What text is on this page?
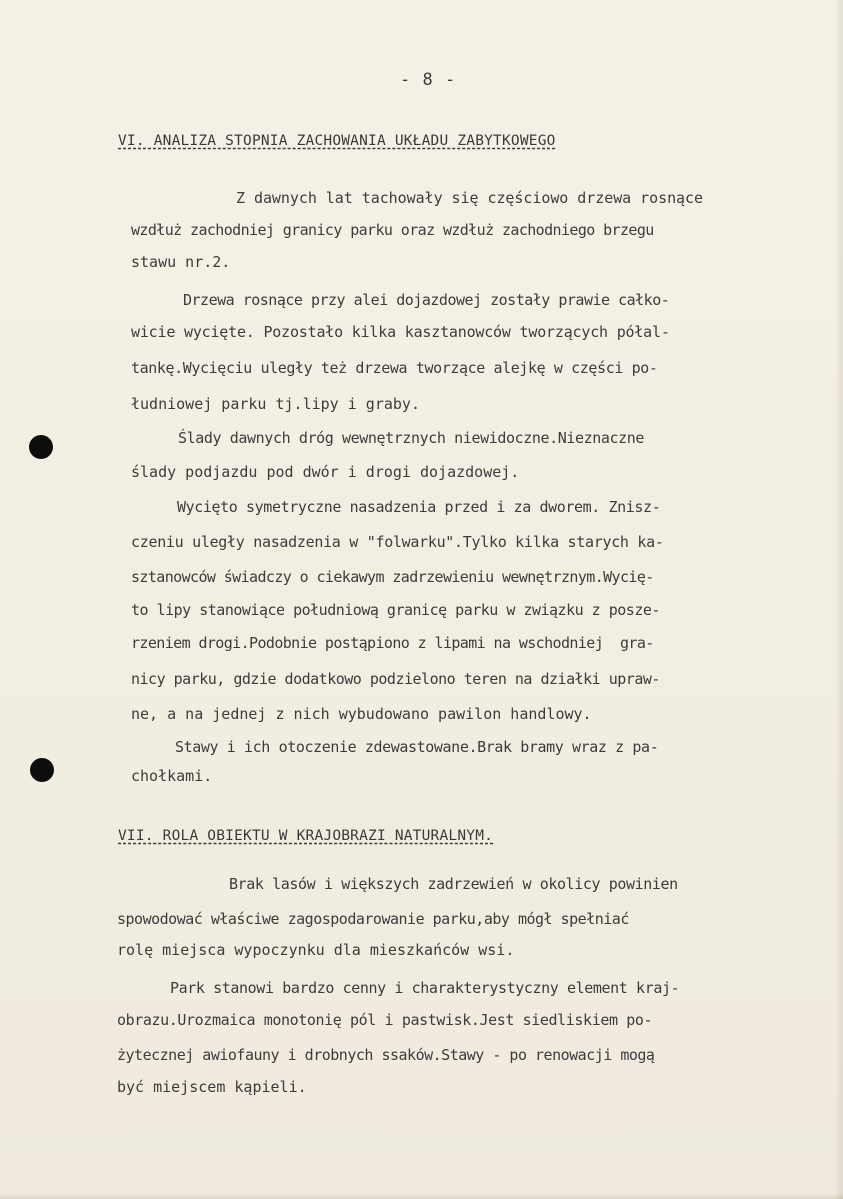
- 8 -
VI. ANALIZA STOPNIA ZACHOWANIA UKŁADU ZABYTKOWEGO
Z dawnych lat tachowały się częściowo drzewa rosnące
wzdłuż zachodniej granicy parku oraz wzdłuż zachodniego brzegu
stawu nr.2.
Drzewa rosnące przy alei dojazdowej zostały prawie całko-
wicie wycięte. Pozostało kilka kasztanowców tworzących półal-
tankę.Wycięciu uległy też drzewa tworzące alejkę w części po-
łudniowej parku tj.lipy i graby.
Ślady dawnych dróg wewnętrznych niewidoczne.Nieznaczne
ślady podjazdu pod dwór i drogi dojazdowej.
Wycięto symetryczne nasadzenia przed i za dworem. Znisz-
czeniu uległy nasadzenia w "folwarku".Tylko kilka starych ka-
sztanowców świadczy o ciekawym zadrzewieniu wewnętrznym.Wycię-
to lipy stanowiące południową granicę parku w związku z posze-
rzeniem drogi.Podobnie postąpiono z lipami na wschodniej  gra-
nicy parku, gdzie dodatkowo podzielono teren na działki upraw-
ne, a na jednej z nich wybudowano pawilon handlowy.
Stawy i ich otoczenie zdewastowane.Brak bramy wraz z pa-
chołkami.
VII. ROLA OBIEKTU W KRAJOBRAZI NATURALNYM.
Brak lasów i większych zadrzewień w okolicy powinien
spowodować właściwe zagospodarowanie parku,aby mógł spełniać
rolę miejsca wypoczynku dla mieszkańców wsi.
Park stanowi bardzo cenny i charakterystyczny element kraj-
obrazu.Urozmaica monotonię pól i pastwisk.Jest siedliskiem po-
żytecznej awiofauny i drobnych ssaków.Stawy - po renowacji mogą
być miejscem kąpieli.
